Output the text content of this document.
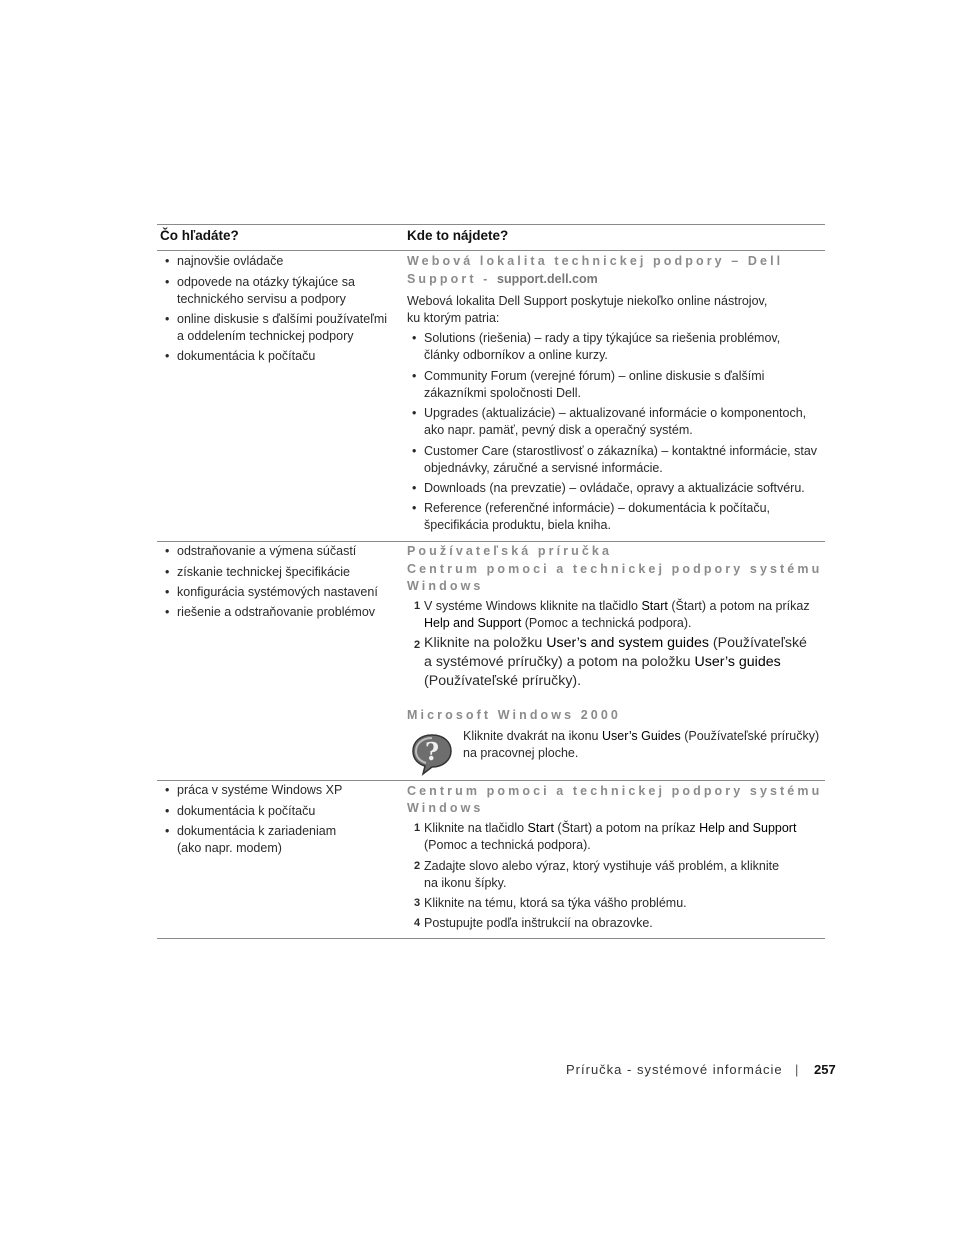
Čo hľadáte?	Kde to nájdete?
• najnovšie ovládače
• odpovede na otázky týkajúce sa
technického servisu a podpory
• online diskusie s ďalšími používateľmi
a oddelením technickej podpory
• dokumentácia k počítaču
Webová lokalita technickej podpory – Dell
Support - support.dell.com
Webová lokalita Dell Support poskytuje niekoľko online nástrojov,
ku ktorým patria:
• Solutions (riešenia) – rady a tipy týkajúce sa riešenia problémov,
články odborníkov a online kurzy.
• Community Forum (verejné fórum) – online diskusie s ďalšími
zákazníkmi spoločnosti Dell.
• Upgrades (aktualizácie) – aktualizované informácie o komponentoch,
ako napr. pamäť, pevný disk a operačný systém.
• Customer Care (starostlivosť o zákazníka) – kontaktné informácie, stav
objednávky, záručné a servisné informácie.
• Downloads (na prevzatie) – ovládače, opravy a aktualizácie softvéru.
• Reference (referenčné informácie) – dokumentácia k počítaču,
špecifikácia produktu, biela kniha.
• odstraňovanie a výmena súčastí
• získanie technickej špecifikácie
• konfigurácia systémových nastavení
• riešenie a odstraňovanie problémov
Používateľská príručka
Centrum pomoci a technickej podpory systému
Windows
1 V systéme Windows kliknite na tlačidlo Start (Štart) a potom na príkaz
Help and Support (Pomoc a technická podpora).
2 Kliknite na položku User’s and system guides (Používateľské
a systémové príručky) a potom na položku User’s guides
(Používateľské príručky).
Microsoft Windows 2000
?
Kliknite dvakrát na ikonu User’s Guides (Používateľské príručky)
na pracovnej ploche.
• práca v systéme Windows XP
• dokumentácia k počítaču
• dokumentácia k zariadeniam
(ako napr. modem)
Centrum pomoci a technickej podpory systému
Windows
1 Kliknite na tlačidlo Start (Štart) a potom na príkaz Help and Support
(Pomoc a technická podpora).
2 Zadajte slovo alebo výraz, ktorý vystihuje váš problém, a kliknite
na ikonu šípky.
3 Kliknite na tému, ktorá sa týka vášho problému.
4 Postupujte podľa inštrukcií na obrazovke.
Príručka - systémové informácie | 257
